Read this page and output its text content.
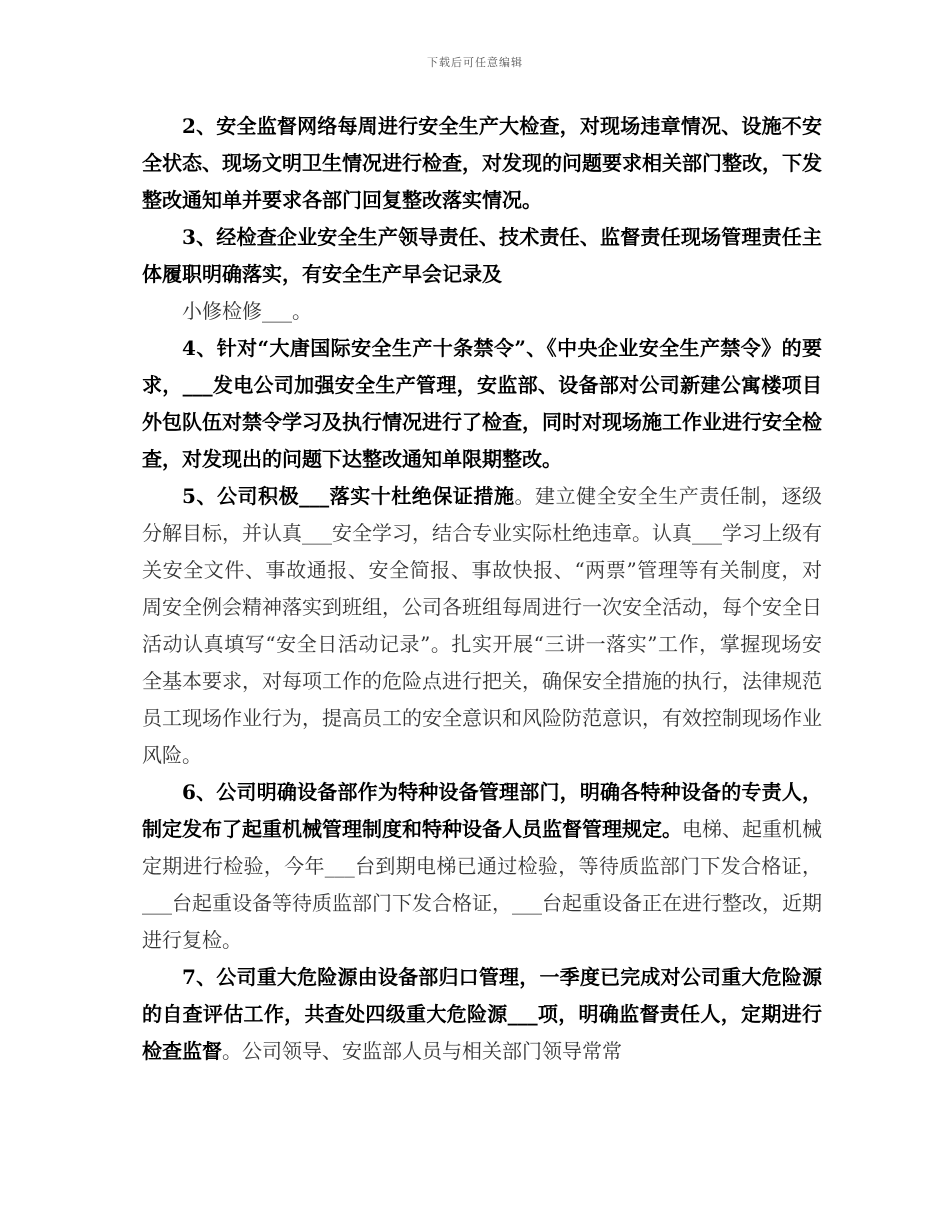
下载后可任意编辑

2、安全监督网络每周进行安全生产大检查，对现场违章情况、设施不安全状态、现场文明卫生情况进行检查，对发现的问题要求相关部门整改，下发整改通知单并要求各部门回复整改落实情况。

3、经检查企业安全生产领导责任、技术责任、监督责任现场管理责任主体履职明确落实，有安全生产早会记录及

小修检修___。

4、针对“大唐国际安全生产十条禁令”、《中央企业安全生产禁令》的要求，___发电公司加强安全生产管理，安监部、设备部对公司新建公寓楼项目外包队伍对禁令学习及执行情况进行了检查，同时对现场施工作业进行安全检查，对发现出的问题下达整改通知单限期整改。

5、公司积极___落实十杜绝保证措施。建立健全安全生产责任制，逐级分解目标，并认真___安全学习，结合专业实际杜绝违章。认真___学习上级有关安全文件、事故通报、安全简报、事故快报、“两票”管理等有关制度，对周安全例会精神落实到班组，公司各班组每周进行一次安全活动，每个安全日活动认真填写“安全日活动记录”。扎实开展“三讲一落实”工作，掌握现场安全基本要求，对每项工作的危险点进行把关，确保安全措施的执行，法律规范员工现场作业行为，提高员工的安全意识和风险防范意识，有效控制现场作业风险。

6、公司明确设备部作为特种设备管理部门，明确各特种设备的专责人，制定发布了起重机械管理制度和特种设备人员监督管理规定。电梯、起重机械定期进行检验，今年___台到期电梯已通过检验，等待质监部门下发合格证，___台起重设备等待质监部门下发合格证，___台起重设备正在进行整改，近期进行复检。

7、公司重大危险源由设备部归口管理，一季度已完成对公司重大危险源的自查评估工作，共查处四级重大危险源___项，明确监督责任人，定期进行检查监督。公司领导、安监部人员与相关部门领导常常
